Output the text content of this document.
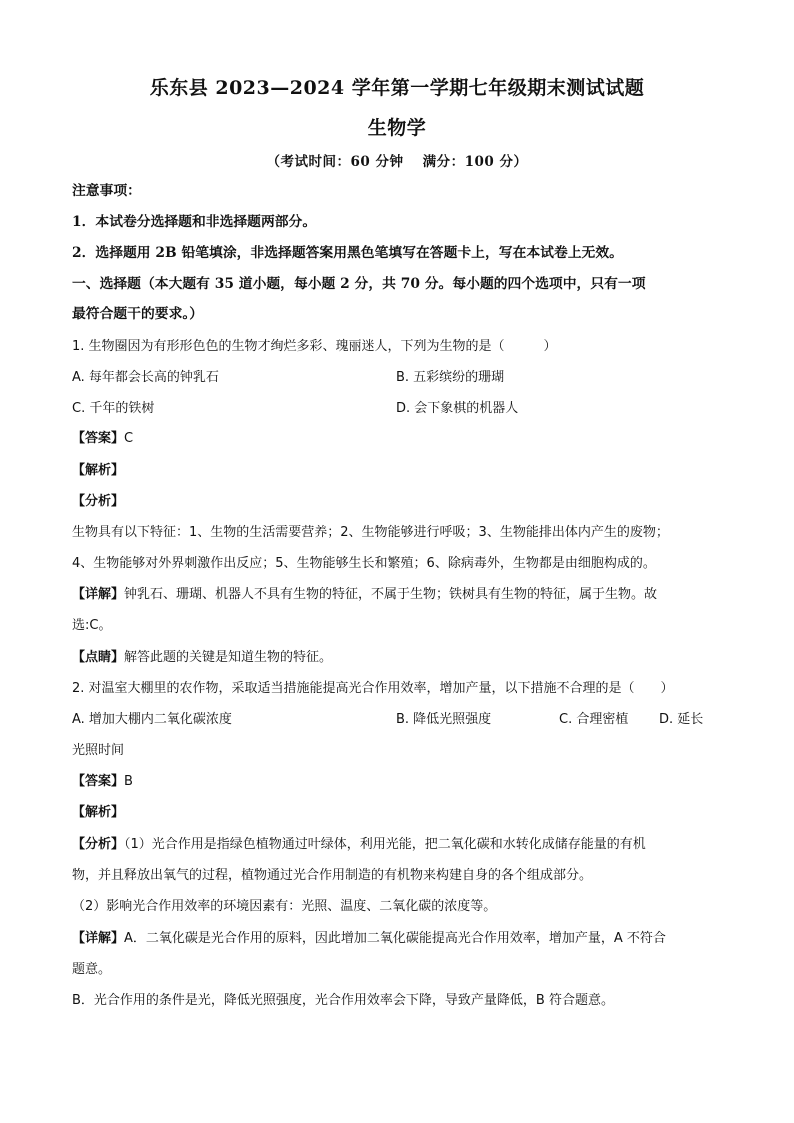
乐东县 2023—2024 学年第一学期七年级期末测试试题
生物学
（考试时间：60 分钟　 满分：100 分）
注意事项：
1．本试卷分选择题和非选择题两部分。
2．选择题用 2B 铅笔填涂，非选择题答案用黑色笔填写在答题卡上，写在本试卷上无效。
一、选择题（本大题有 35 道小题，每小题 2 分，共 70 分。每小题的四个选项中，只有一项
最符合题干的要求。）
1. 生物圈因为有形形色色的生物才绚烂多彩、瑰丽迷人，下列为生物的是（　　　）
A. 每年都会长高的钟乳石	B. 五彩缤纷的珊瑚
C. 千年的铁树	D. 会下象棋的机器人
【答案】C
【解析】
【分析】
生物具有以下特征：1、生物的生活需要营养；2、生物能够进行呼吸；3、生物能排出体内产生的废物；
4、生物能够对外界刺激作出反应；5、生物能够生长和繁殖；6、除病毒外，生物都是由细胞构成的。
【详解】钟乳石、珊瑚、机器人不具有生物的特征，不属于生物；铁树具有生物的特征，属于生物。故
选:C。
【点睛】解答此题的关键是知道生物的特征。
2. 对温室大棚里的农作物，采取适当措施能提高光合作用效率，增加产量，以下措施不合理的是（　　）
A. 增加大棚内二氧化碳浓度	B. 降低光照强度	C. 合理密植 D. 延长
光照时间
【答案】B
【解析】
【分析】（1）光合作用是指绿色植物通过叶绿体，利用光能，把二氧化碳和水转化成储存能量的有机
物，并且释放出氧气的过程，植物通过光合作用制造的有机物来构建自身的各个组成部分。
（2）影响光合作用效率的环境因素有：光照、温度、二氧化碳的浓度等。
【详解】A．二氧化碳是光合作用的原料，因此增加二氧化碳能提高光合作用效率，增加产量，A 不符合
题意。
B．光合作用的条件是光，降低光照强度，光合作用效率会下降，导致产量降低，B 符合题意。
